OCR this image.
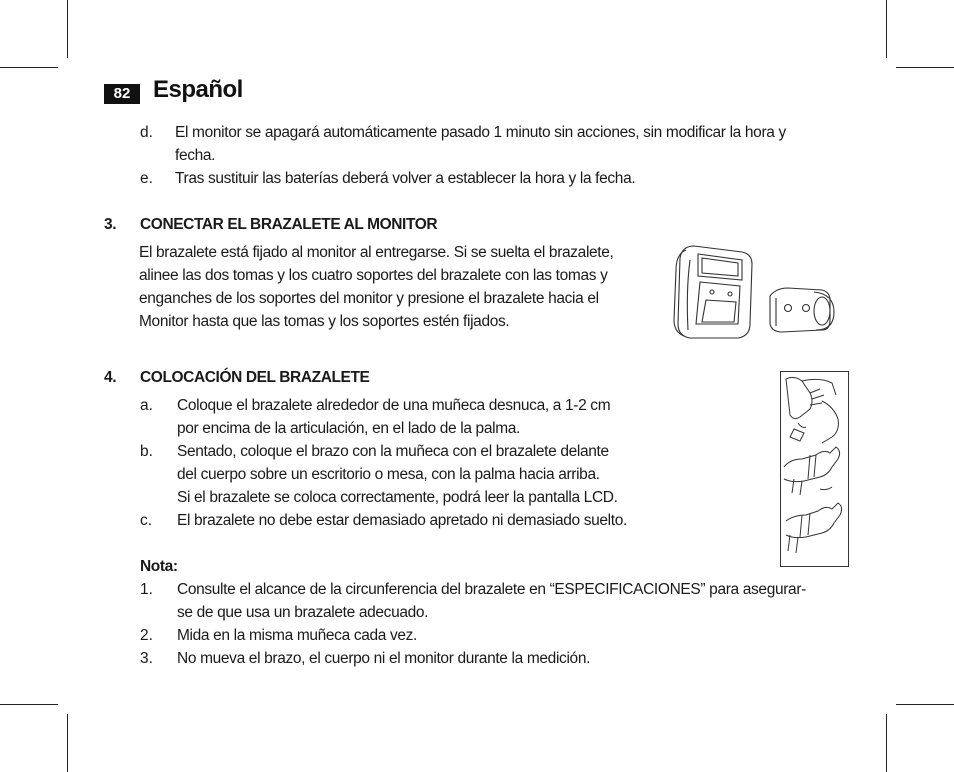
82 Español
d. El monitor se apagará automáticamente pasado 1 minuto sin acciones, sin modificar la hora y
fecha.
e. Tras sustituir las baterías deberá volver a establecer la hora y la fecha.
3. CONECTAR EL BRAZALETE AL MONITOR
El brazalete está fijado al monitor al entregarse. Si se suelta el brazalete,
alinee las dos tomas y los cuatro soportes del brazalete con las tomas y
enganches de los soportes del monitor y presione el brazalete hacia el
Monitor hasta que las tomas y los soportes estén fijados.
4. COLOCACIÓN DEL BRAZALETE
a. Coloque el brazalete alrededor de una muñeca desnuca, a 1-2 cm
por encima de la articulación, en el lado de la palma.
b. Sentado, coloque el brazo con la muñeca con el brazalete delante
del cuerpo sobre un escritorio o mesa, con la palma hacia arriba.
Si el brazalete se coloca correctamente, podrá leer la pantalla LCD.
c. El brazalete no debe estar demasiado apretado ni demasiado suelto.
Nota:
1. Consulte el alcance de la circunferencia del brazalete en “ESPECIFICACIONES” para asegurar-
se de que usa un brazalete adecuado.
2. Mida en la misma muñeca cada vez.
3. No mueva el brazo, el cuerpo ni el monitor durante la medición.
